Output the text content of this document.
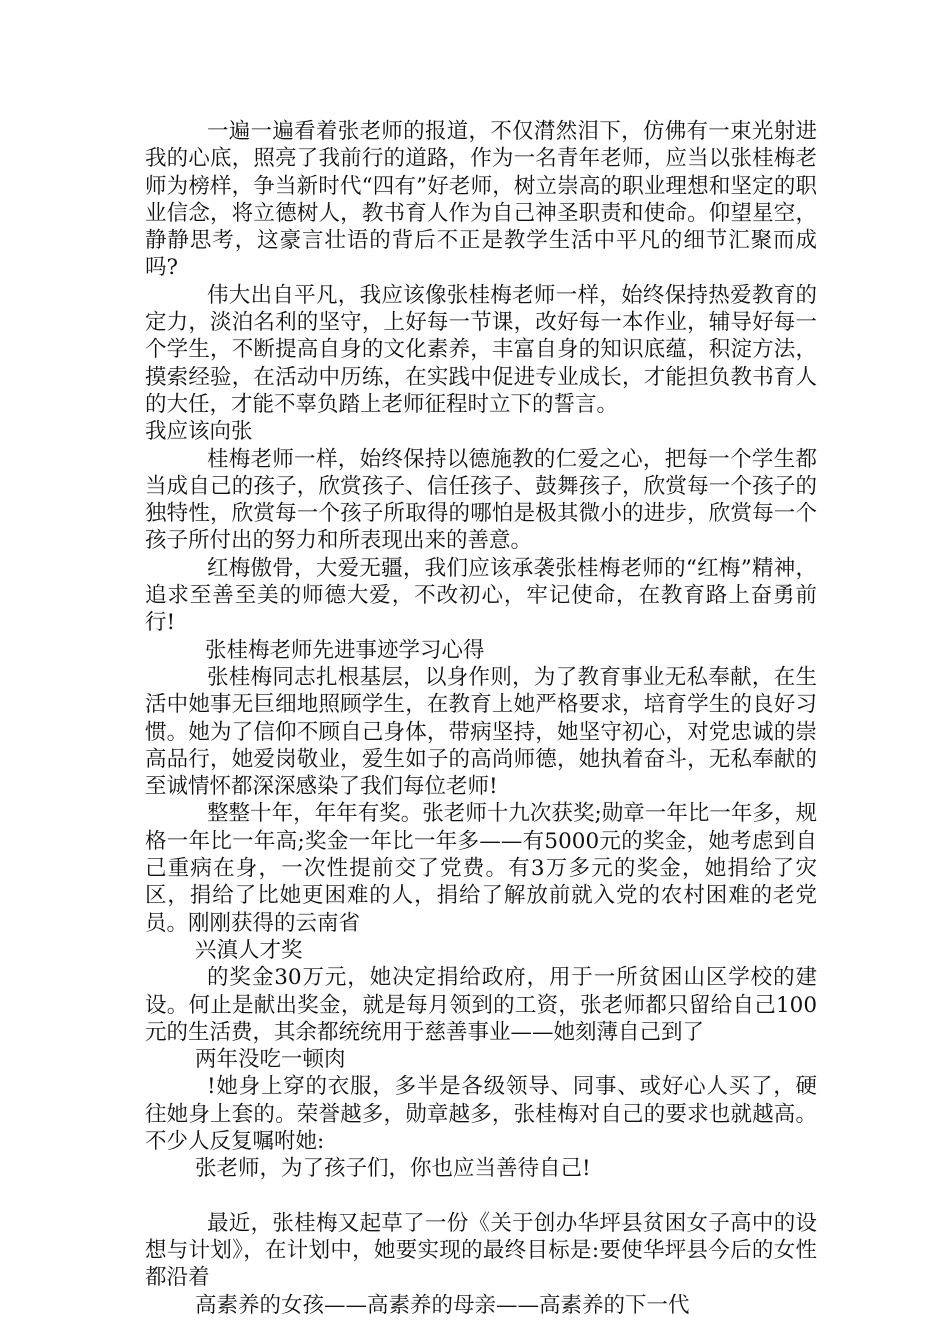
一遍一遍看着张老师的报道，不仅潸然泪下，仿佛有一束光射进我的心底，照亮了我前行的道路，作为一名青年老师，应当以张桂梅老师为榜样，争当新时代“四有”好老师，树立崇高的职业理想和坚定的职业信念，将立德树人，教书育人作为自己神圣职责和使命。仰望星空，静静思考，这豪言壮语的背后不正是教学生活中平凡的细节汇聚而成吗?

伟大出自平凡，我应该像张桂梅老师一样，始终保持热爱教育的定力，淡泊名利的坚守，上好每一节课，改好每一本作业，辅导好每一个学生，不断提高自身的文化素养，丰富自身的知识底蕴，积淀方法，摸索经验，在活动中历练，在实践中促进专业成长，才能担负教书育人的大任，才能不辜负踏上老师征程时立下的誓言。

我应该向张

桂梅老师一样，始终保持以德施教的仁爱之心，把每一个学生都当成自己的孩子，欣赏孩子、信任孩子、鼓舞孩子，欣赏每一个孩子的独特性，欣赏每一个孩子所取得的哪怕是极其微小的进步，欣赏每一个孩子所付出的努力和所表现出来的善意。

红梅傲骨，大爱无疆，我们应该承袭张桂梅老师的“红梅”精神，追求至善至美的师德大爱，不改初心，牢记使命，在教育路上奋勇前行!

张桂梅老师先进事迹学习心得

张桂梅同志扎根基层，以身作则，为了教育事业无私奉献，在生活中她事无巨细地照顾学生，在教育上她严格要求，培育学生的良好习惯。她为了信仰不顾自己身体，带病坚持，她坚守初心，对党忠诚的崇高品行，她爱岗敬业，爱生如子的高尚师德，她执着奋斗，无私奉献的至诚情怀都深深感染了我们每位老师!

整整十年，年年有奖。张老师十九次获奖;勋章一年比一年多，规格一年比一年高;奖金一年比一年多——有5000元的奖金，她考虑到自己重病在身，一次性提前交了党费。有3万多元的奖金，她捐给了灾区，捐给了比她更困难的人，捐给了解放前就入党的农村困难的老党员。刚刚获得的云南省

兴滇人才奖

的奖金30万元，她决定捐给政府，用于一所贫困山区学校的建设。何止是献出奖金，就是每月领到的工资，张老师都只留给自己100元的生活费，其余都统统用于慈善事业——她刻薄自己到了

两年没吃一顿肉

!她身上穿的衣服，多半是各级领导、同事、或好心人买了，硬往她身上套的。荣誉越多，勋章越多，张桂梅对自己的要求也就越高。不少人反复嘱咐她:

张老师，为了孩子们，你也应当善待自己!

最近，张桂梅又起草了一份《关于创办华坪县贫困女子高中的设想与计划》，在计划中，她要实现的最终目标是:要使华坪县今后的女性都沿着

高素养的女孩——高素养的母亲——高素养的下一代
